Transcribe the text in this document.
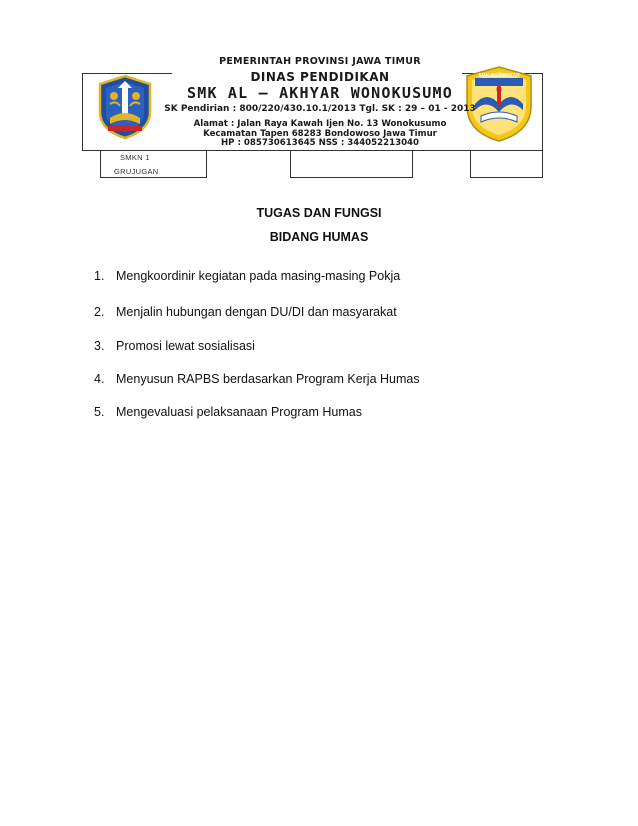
SMKN 1
GRUJUGAN
SMK AL-AKHYAR
PEMERINTAH PROVINSI JAWA TIMUR
DINAS PENDIDIKAN
SMK AL – AKHYAR WONOKUSUMO
SK Pendirian : 800/220/430.10.1/2013 Tgl. SK : 29 – 01 - 2013
Alamat : Jalan Raya Kawah Ijen No. 13 Wonokusumo
Kecamatan Tapen 68283 Bondowoso Jawa Timur
HP : 085730613645 NSS : 344052213040
TUGAS DAN FUNGSI
BIDANG HUMAS
1. Mengkoordinir kegiatan pada masing-masing Pokja
2. Menjalin hubungan dengan DU/DI dan masyarakat
3. Promosi lewat sosialisasi
4. Menyusun RAPBS berdasarkan Program Kerja Humas
5. Mengevaluasi pelaksanaan Program Humas
